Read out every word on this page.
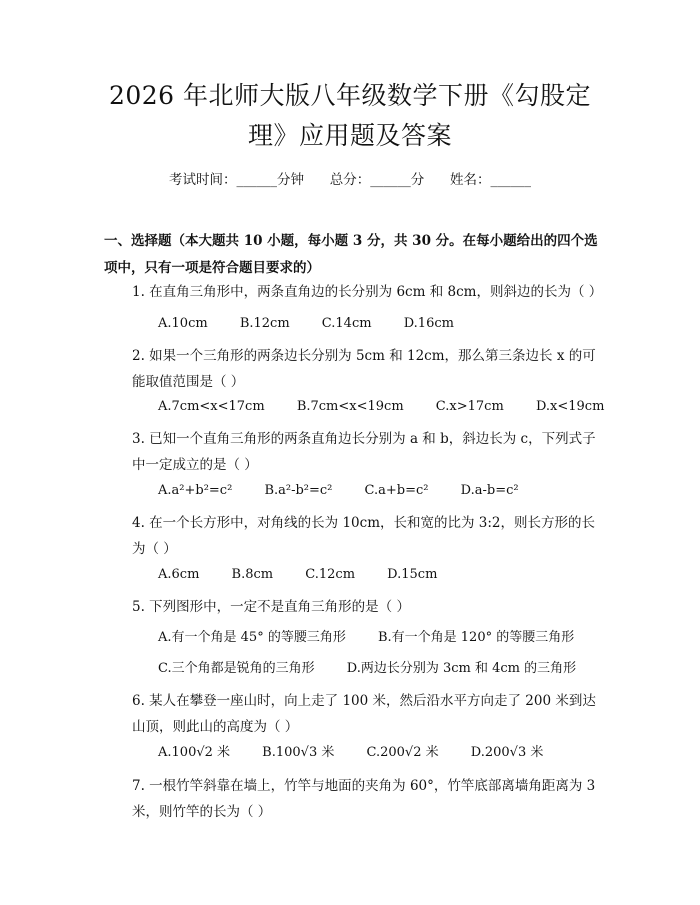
2026 年北师大版八年级数学下册《勾股定
理》应用题及答案
考试时间：______分钟      总分：______分      姓名：______
一、选择题（本大题共 10 小题，每小题 3 分，共 30 分。在每小题给出的四个选项中，只有一项是符合题目要求的）
1. 在直角三角形中，两条直角边的长分别为 6cm 和 8cm，则斜边的长为（ ）
A.10cm B.12cm C.14cm D.16cm
2. 如果一个三角形的两条边长分别为 5cm 和 12cm，那么第三条边长 x 的可能取值范围是（ ）
A.7cm<x<17cm B.7cm<x<19cm C.x>17cm D.x<19cm
3. 已知一个直角三角形的两条直角边长分别为 a 和 b，斜边长为 c，下列式子中一定成立的是（ ）
A.a²+b²=c² B.a²-b²=c² C.a+b=c² D.a-b=c²
4. 在一个长方形中，对角线的长为 10cm，长和宽的比为 3:2，则长方形的长为（ ）
A.6cm B.8cm C.12cm D.15cm
5. 下列图形中，一定不是直角三角形的是（ ）
A.有一个角是 45° 的等腰三角形 B.有一个角是 120° 的等腰三角形
C.三个角都是锐角的三角形 D.两边长分别为 3cm 和 4cm 的三角形
6. 某人在攀登一座山时，向上走了 100 米，然后沿水平方向走了 200 米到达山顶，则此山的高度为（ ）
A.100√2 米 B.100√3 米 C.200√2 米 D.200√3 米
7. 一根竹竿斜靠在墙上，竹竿与地面的夹角为 60°，竹竿底部离墙角距离为 3 米，则竹竿的长为（ ）
